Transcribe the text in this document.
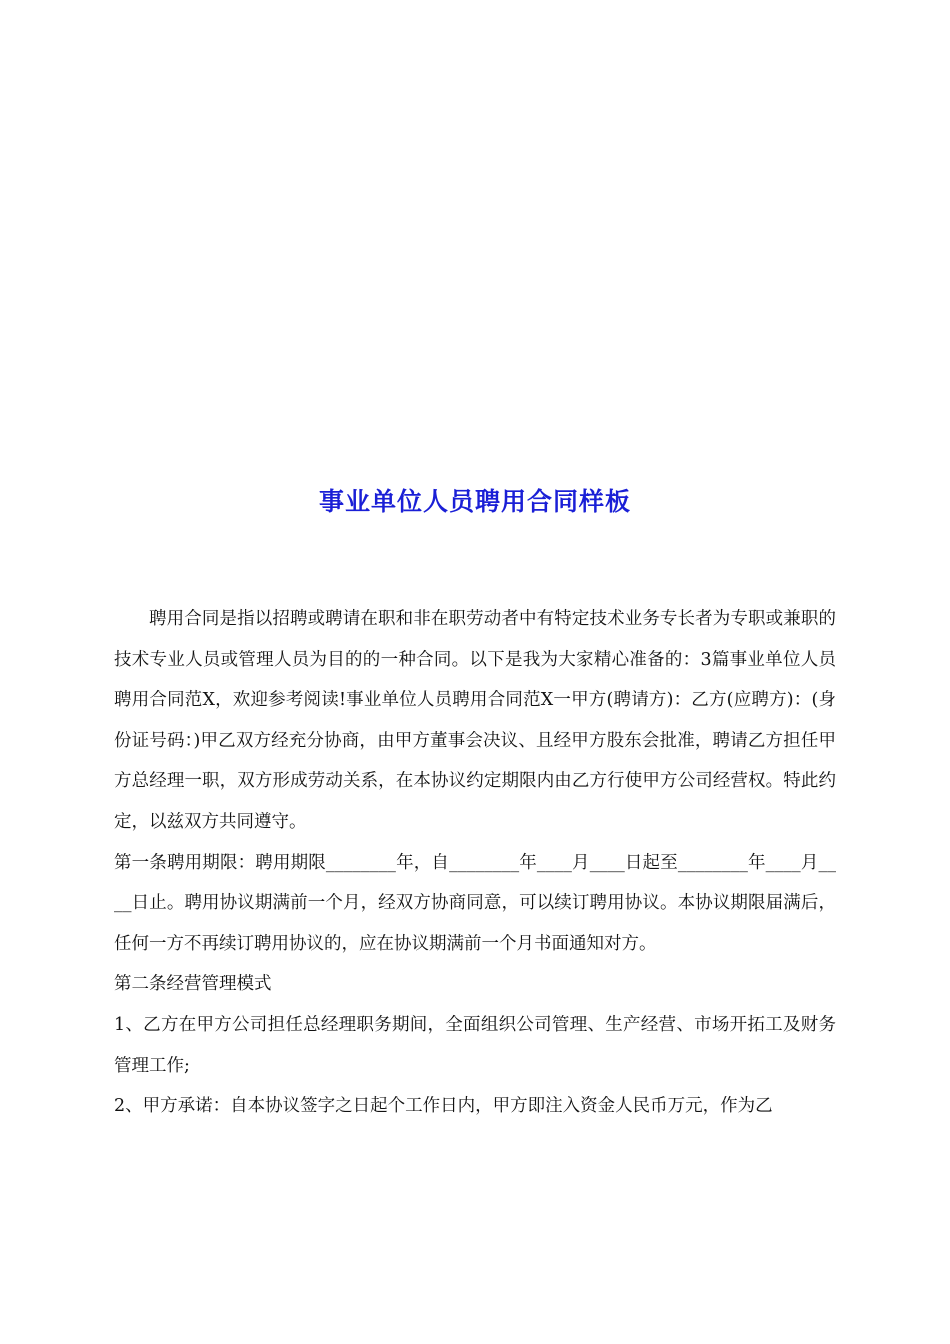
事业单位人员聘用合同样板

聘用合同是指以招聘或聘请在职和非在职劳动者中有特定技术业务专长者为专职或兼职的技术专业人员或管理人员为目的的一种合同。以下是我为大家精心准备的：3篇事业单位人员聘用合同范X，欢迎参考阅读!事业单位人员聘用合同范X一甲方(聘请方)：乙方(应聘方)：(身份证号码：)甲乙双方经充分协商，由甲方董事会决议、且经甲方股东会批准，聘请乙方担任甲方总经理一职，双方形成劳动关系，在本协议约定期限内由乙方行使甲方公司经营权。特此约定，以兹双方共同遵守。

第一条聘用期限：聘用期限________年，自________年____月____日起至________年____月____日止。聘用协议期满前一个月，经双方协商同意，可以续订聘用协议。本协议期限届满后，任何一方不再续订聘用协议的，应在协议期满前一个月书面通知对方。

第二条经营管理模式

1、乙方在甲方公司担任总经理职务期间，全面组织公司管理、生产经营、市场开拓工及财务管理工作;

2、甲方承诺：自本协议签字之日起个工作日内，甲方即注入资金人民币万元，作为乙
